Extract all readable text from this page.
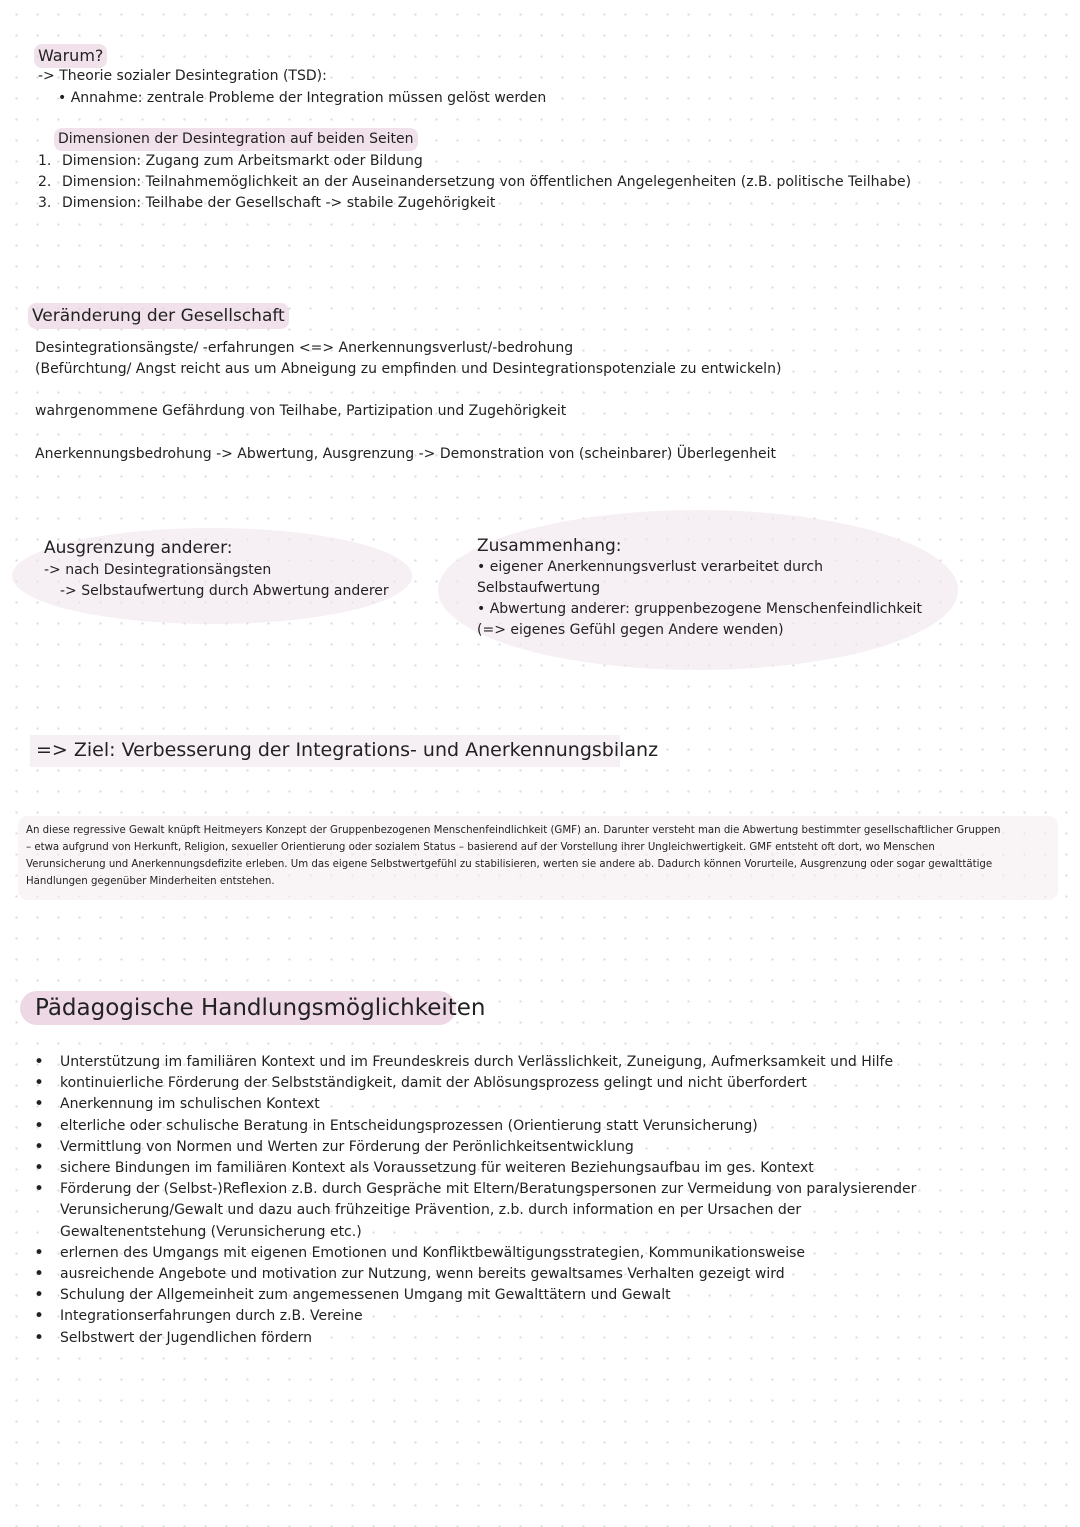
Warum?
-> Theorie sozialer Desintegration (TSD):
• Annahme: zentrale Probleme der Integration müssen gelöst werden
Dimensionen der Desintegration auf beiden Seiten
1. Dimension: Zugang zum Arbeitsmarkt oder Bildung
2. Dimension: Teilnahmemöglichkeit an der Auseinandersetzung von öffentlichen Angelegenheiten (z.B. politische Teilhabe)
3. Dimension: Teilhabe der Gesellschaft -> stabile Zugehörigkeit
Veränderung der Gesellschaft
Desintegrationsängste/ -erfahrungen <=> Anerkennungsverlust/-bedrohung
(Befürchtung/ Angst reicht aus um Abneigung zu empfinden und Desintegrationspotenziale zu entwickeln)
wahrgenommene Gefährdung von Teilhabe, Partizipation und Zugehörigkeit
Anerkennungsbedrohung -> Abwertung, Ausgrenzung -> Demonstration von (scheinbarer) Überlegenheit
Ausgrenzung anderer:
-> nach Desintegrationsängsten
-> Selbstaufwertung durch Abwertung anderer
Zusammenhang:
• eigener Anerkennungsverlust verarbeitet durch
Selbstaufwertung
• Abwertung anderer: gruppenbezogene Menschenfeindlichkeit
(=> eigenes Gefühl gegen Andere wenden)
=> Ziel: Verbesserung der Integrations- und Anerkennungsbilanz
An diese regressive Gewalt knüpft Heitmeyers Konzept der Gruppenbezogenen Menschenfeindlichkeit (GMF) an. Darunter versteht man die Abwertung bestimmter gesellschaftlicher Gruppen
– etwa aufgrund von Herkunft, Religion, sexueller Orientierung oder sozialem Status – basierend auf der Vorstellung ihrer Ungleichwertigkeit. GMF entsteht oft dort, wo Menschen
Verunsicherung und Anerkennungsdefizite erleben. Um das eigene Selbstwertgefühl zu stabilisieren, werten sie andere ab. Dadurch können Vorurteile, Ausgrenzung oder sogar gewalttätige
Handlungen gegenüber Minderheiten entstehen.
Pädagogische Handlungsmöglichkeiten
• Unterstützung im familiären Kontext und im Freundeskreis durch Verlässlichkeit, Zuneigung, Aufmerksamkeit und Hilfe
• kontinuierliche Förderung der Selbstständigkeit, damit der Ablösungsprozess gelingt und nicht überfordert
• Anerkennung im schulischen Kontext
• elterliche oder schulische Beratung in Entscheidungsprozessen (Orientierung statt Verunsicherung)
• Vermittlung von Normen und Werten zur Förderung der Perönlichkeitsentwicklung
• sichere Bindungen im familiären Kontext als Voraussetzung für weiteren Beziehungsaufbau im ges. Kontext
• Förderung der (Selbst-)Reflexion z.B. durch Gespräche mit Eltern/Beratungspersonen zur Vermeidung von paralysierender
Verunsicherung/Gewalt und dazu auch frühzeitige Prävention, z.b. durch information en per Ursachen der
Gewaltenentstehung (Verunsicherung etc.)
• erlernen des Umgangs mit eigenen Emotionen und Konfliktbewältigungsstrategien, Kommunikationsweise
• ausreichende Angebote und motivation zur Nutzung, wenn bereits gewaltsames Verhalten gezeigt wird
• Schulung der Allgemeinheit zum angemessenen Umgang mit Gewalttätern und Gewalt
• Integrationserfahrungen durch z.B. Vereine
• Selbstwert der Jugendlichen fördern
